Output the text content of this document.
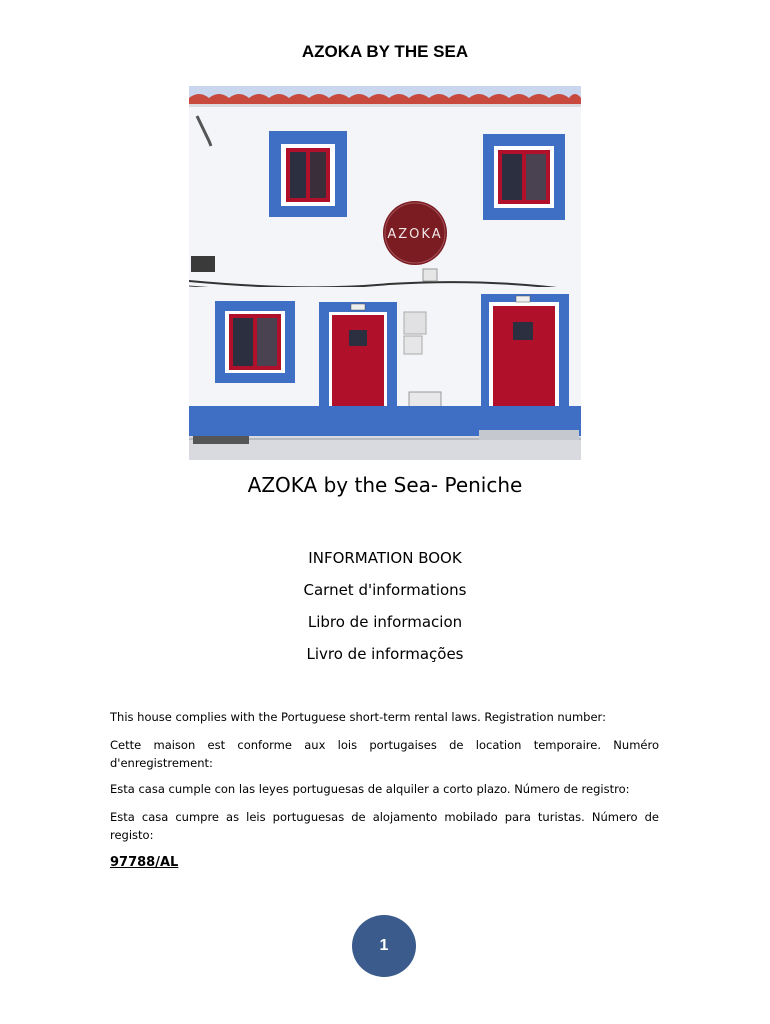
AZOKA BY THE SEA
AZOKA
AZOKA by the Sea- Peniche
INFORMATION BOOK
Carnet d'informations
Libro de informacion
Livro de informações
This house complies with the Portuguese short-term rental laws. Registration number:
Cette maison est conforme aux lois portugaises de location temporaire. Numéro d'enregistrement:
Esta casa cumple con las leyes portuguesas de alquiler a corto plazo. Número de registro:
Esta casa cumpre as leis portuguesas de alojamento mobilado para turistas. Número de registo:
97788/AL
1
